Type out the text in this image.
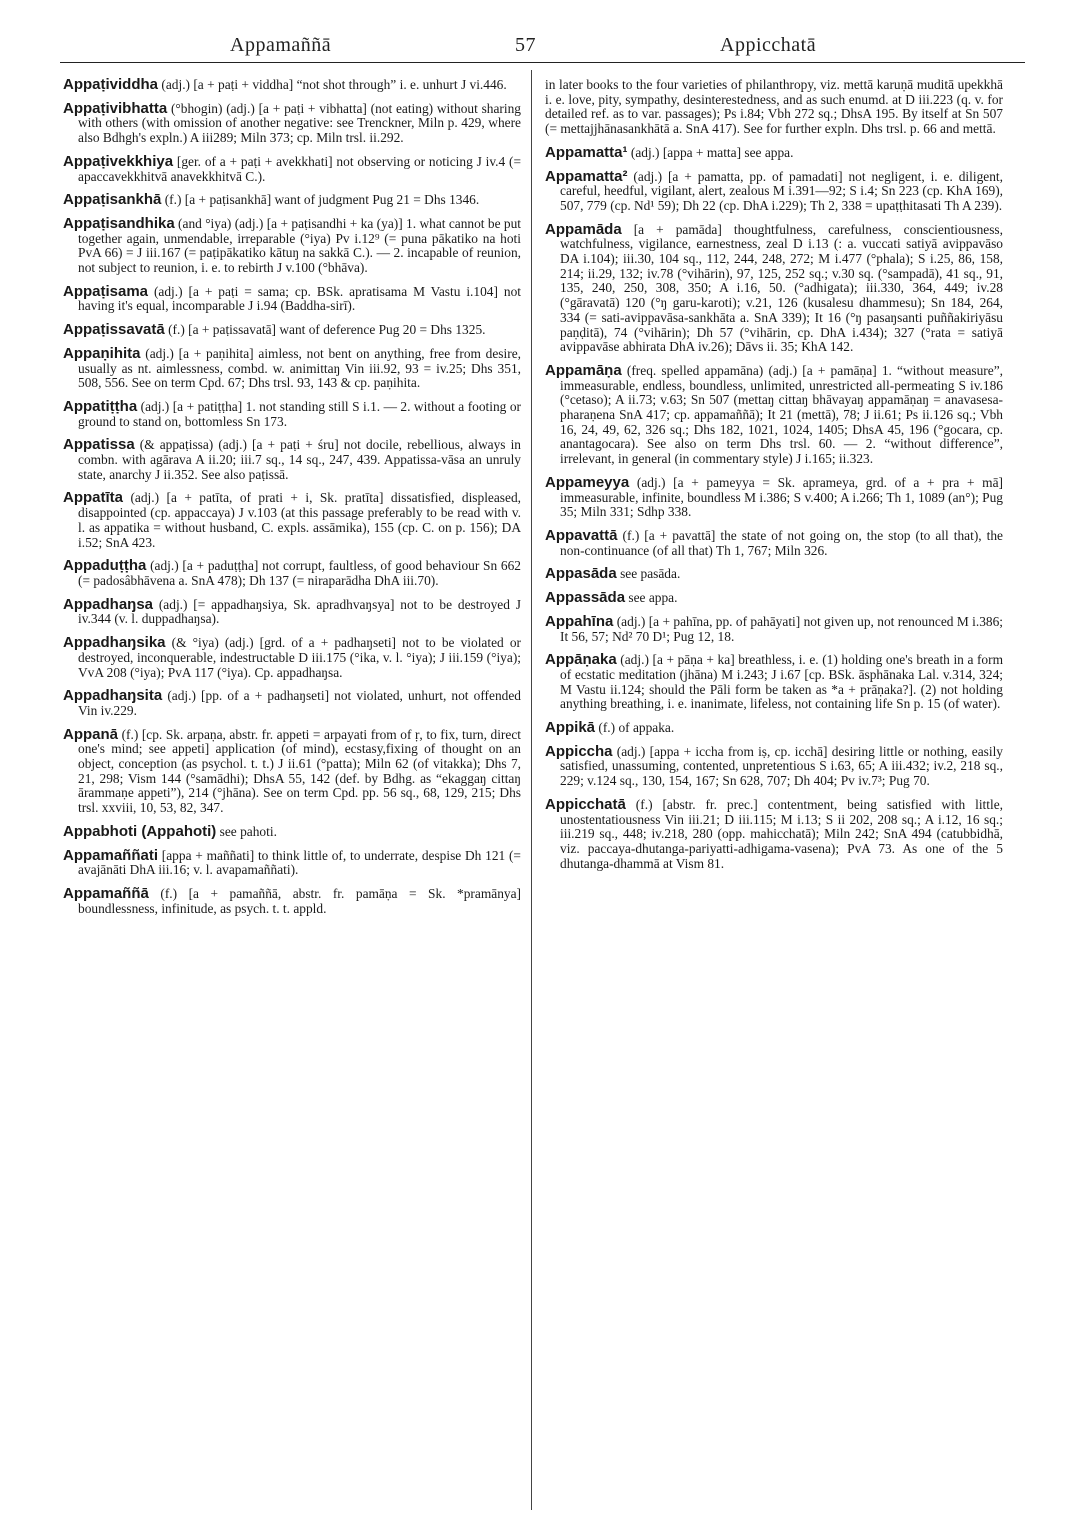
Appamaññā	57	Appicchatā

Appaṭividdha (adj.) [a + paṭi + viddha] “not shot through” i. e. unhurt J vi.446.

Appaṭivibhatta (°bhogin) (adj.) [a + paṭi + vibhatta] (not eating) without sharing with others (with omission of another negative: see Trenckner, Miln p. 429, where also Bdhgh's expln.) A iii289; Miln 373; cp. Miln trsl. ii.292.

Appaṭivekkhiya [ger. of a + paṭi + avekkhati] not observing or noticing J iv.4 (= apaccavekkhitvā anavekkhitvā C.).

Appaṭisankhā (f.) [a + paṭisankhā] want of judgment Pug 21 = Dhs 1346.

Appaṭisandhika (and °iya) (adj.) [a + paṭisandhi + ka (ya)] 1. what cannot be put together again, unmendable, irreparable (°iya) Pv i.12⁹ (= puna pākatiko na hoti PvA 66) = J iii.167 (= paṭipākatiko kātuŋ na sakkā C.). — 2. incapable of reunion, not subject to reunion, i. e. to rebirth J v.100 (°bhāva).

Appaṭisama (adj.) [a + paṭi = sama; cp. BSk. apratisama M Vastu i.104] not having it's equal, incomparable J i.94 (Baddha-sirī).

Appaṭissavatā (f.) [a + paṭissavatā] want of deference Pug 20 = Dhs 1325.

Appaṇihita (adj.) [a + paṇihita] aimless, not bent on anything, free from desire, usually as nt. aimlessness, combd. w. animittaŋ Vin iii.92, 93 = iv.25; Dhs 351, 508, 556. See on term Cpd. 67; Dhs trsl. 93, 143 & cp. paṇihita.

Appatiṭṭha (adj.) [a + patiṭṭha] 1. not standing still S i.1. — 2. without a footing or ground to stand on, bottomless Sn 173.

Appatissa (& appaṭissa) (adj.) [a + paṭi + śru] not docile, rebellious, always in combn. with agārava A ii.20; iii.7 sq., 14 sq., 247, 439. Appatissa-vāsa an unruly state, anarchy J ii.352. See also paṭissā.

Appatīta (adj.) [a + patīta, of prati + i, Sk. pratīta] dissatisfied, displeased, disappointed (cp. appaccaya) J v.103 (at this passage preferably to be read with v. l. as appatika = without husband, C. expls. assāmika), 155 (cp. C. on p. 156); DA i.52; SnA 423.

Appaduṭṭha (adj.) [a + paduṭṭha] not corrupt, faultless, of good behaviour Sn 662 (= padosâbhāvena a. SnA 478); Dh 137 (= niraparādha DhA iii.70).

Appadhaŋsa (adj.) [= appadhaŋsiya, Sk. apradhvaŋsya] not to be destroyed J iv.344 (v. l. duppadhaŋsa).

Appadhaŋsika (& °iya) (adj.) [grd. of a + padhaŋseti] not to be violated or destroyed, inconquerable, indestructable D iii.175 (°ika, v. l. °iya); J iii.159 (°iya); VvA 208 (°iya); PvA 117 (°iya). Cp. appadhaŋsa.

Appadhaŋsita (adj.) [pp. of a + padhaŋseti] not violated, unhurt, not offended Vin iv.229.

Appanā (f.) [cp. Sk. arpaṇa, abstr. fr. appeti = arpayati from of ṛ, to fix, turn, direct one's mind; see appeti] application (of mind), ecstasy,fixing of thought on an object, conception (as psychol. t. t.) J ii.61 (°patta); Miln 62 (of vitakka); Dhs 7, 21, 298; Vism 144 (°samādhi); DhsA 55, 142 (def. by Bdhg. as “ekaggaŋ cittaŋ ārammaṇe appeti”), 214 (°jhāna). See on term Cpd. pp. 56 sq., 68, 129, 215; Dhs trsl. xxviii, 10, 53, 82, 347.

Appabhoti (Appahoti) see pahoti.

Appamaññati [appa + maññati] to think little of, to underrate, despise Dh 121 (= avajānāti DhA iii.16; v. l. avapamaññati).

Appamaññā (f.) [a + pamaññā, abstr. fr. pamāṇa = Sk. *pramānya] boundlessness, infinitude, as psych. t. t. appld.

in later books to the four varieties of philanthropy, viz. mettā karuṇā muditā upekkhā i. e. love, pity, sympathy, desinterestedness, and as such enumd. at D iii.223 (q. v. for detailed ref. as to var. passages); Ps i.84; Vbh 272 sq.; DhsA 195. By itself at Sn 507 (= mettajjhānasankhātā a. SnA 417). See for further expln. Dhs trsl. p. 66 and mettā.

Appamatta¹ (adj.) [appa + matta] see appa.

Appamatta² (adj.) [a + pamatta, pp. of pamadati] not negligent, i. e. diligent, careful, heedful, vigilant, alert, zealous M i.391—92; S i.4; Sn 223 (cp. KhA 169), 507, 779 (cp. Nd¹ 59); Dh 22 (cp. DhA i.229); Th 2, 338 = upaṭṭhitasati Th A 239).

Appamāda [a + pamāda] thoughtfulness, carefulness, conscientiousness, watchfulness, vigilance, earnestness, zeal D i.13 (: a. vuccati satiyā avippavāso DA i.104); iii.30, 104 sq., 112, 244, 248, 272; M i.477 (°phala); S i.25, 86, 158, 214; ii.29, 132; iv.78 (°vihārin), 97, 125, 252 sq.; v.30 sq. (°sampadā), 41 sq., 91, 135, 240, 250, 308, 350; A i.16, 50. (°adhigata); iii.330, 364, 449; iv.28 (°gāravatā) 120 (°ŋ garu-karoti); v.21, 126 (kusalesu dhammesu); Sn 184, 264, 334 (= sati-avippavāsa-sankhāta a. SnA 339); It 16 (°ŋ pasaŋsanti puññakiriyāsu paṇḍitā), 74 (°vihārin); Dh 57 (°vihārin, cp. DhA i.434); 327 (°rata = satiyā avippavāse abhirata DhA iv.26); Dāvs ii. 35; KhA 142.

Appamāṇa (freq. spelled appamāna) (adj.) [a + pamāṇa] 1. “without measure”, immeasurable, endless, boundless, unlimited, unrestricted all-permeating S iv.186 (°cetaso); A ii.73; v.63; Sn 507 (mettaŋ cittaŋ bhāvayaŋ appamāṇaŋ = anavasesa-pharaṇena SnA 417; cp. appamaññā); It 21 (mettā), 78; J ii.61; Ps ii.126 sq.; Vbh 16, 24, 49, 62, 326 sq.; Dhs 182, 1021, 1024, 1405; DhsA 45, 196 (°gocara, cp. anantagocara). See also on term Dhs trsl. 60. — 2. “without difference”, irrelevant, in general (in commentary style) J i.165; ii.323.

Appameyya (adj.) [a + pameyya = Sk. aprameya, grd. of a + pra + mā] immeasurable, infinite, boundless M i.386; S v.400; A i.266; Th 1, 1089 (an°); Pug 35; Miln 331; Sdhp 338.

Appavattā (f.) [a + pavattā] the state of not going on, the stop (to all that), the non-continuance (of all that) Th 1, 767; Miln 326.

Appasāda see pasāda.

Appassāda see appa.

Appahīna (adj.) [a + pahīna, pp. of pahāyati] not given up, not renounced M i.386; It 56, 57; Nd² 70 D¹; Pug 12, 18.

Appāṇaka (adj.) [a + pāṇa + ka] breathless, i. e. (1) holding one's breath in a form of ecstatic meditation (jhāna) M i.243; J i.67 [cp. BSk. āsphānaka Lal. v.314, 324; M Vastu ii.124; should the Pāli form be taken as *a + prāṇaka?]. (2) not holding anything breathing, i. e. inanimate, lifeless, not containing life Sn p. 15 (of water).

Appikā (f.) of appaka.

Appiccha (adj.) [appa + iccha from iṣ, cp. icchā] desiring little or nothing, easily satisfied, unassuming, contented, unpretentious S i.63, 65; A iii.432; iv.2, 218 sq., 229; v.124 sq., 130, 154, 167; Sn 628, 707; Dh 404; Pv iv.7³; Pug 70.

Appicchatā (f.) [abstr. fr. prec.] contentment, being satisfied with little, unostentatiousness Vin iii.21; D iii.115; M i.13; S ii 202, 208 sq.; A i.12, 16 sq.; iii.219 sq., 448; iv.218, 280 (opp. mahicchatā); Miln 242; SnA 494 (catubbidhā, viz. paccaya-dhutanga-pariyatti-adhigama-vasena); PvA 73. As one of the 5 dhutanga-dhammā at Vism 81.
